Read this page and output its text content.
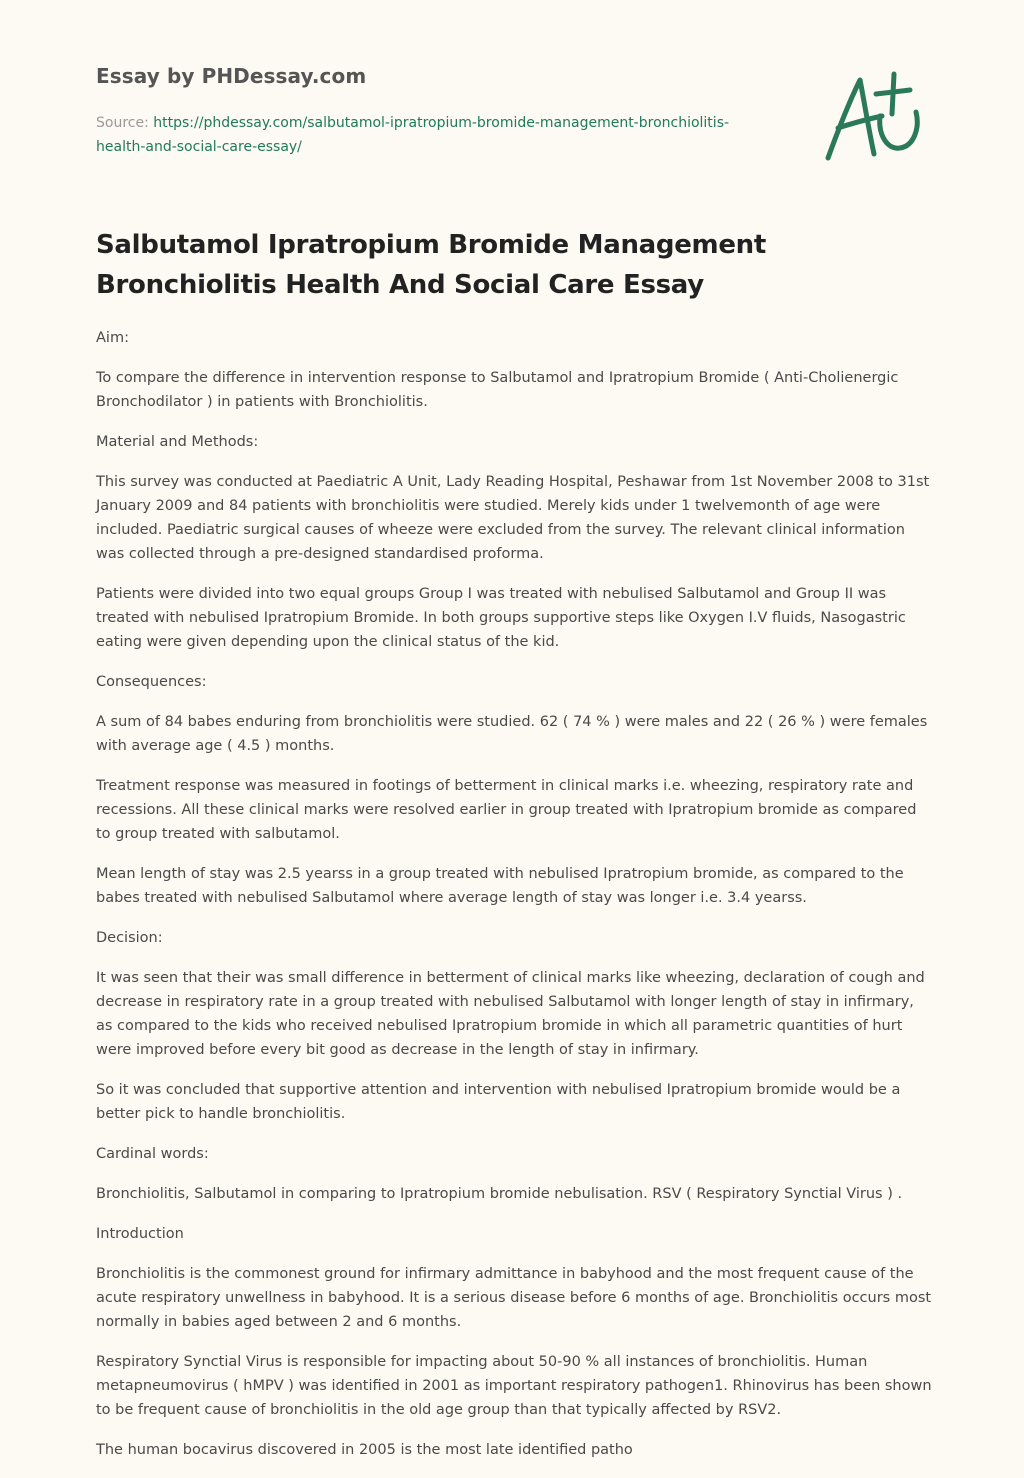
Essay by PHDessay.com

Source: https://phdessay.com/salbutamol-ipratropium-bromide-management-bronchiolitis-health-and-social-care-essay/

Salbutamol Ipratropium Bromide Management Bronchiolitis Health And Social Care Essay

Aim:

To compare the difference in intervention response to Salbutamol and Ipratropium Bromide ( Anti-Cholienergic Bronchodilator ) in patients with Bronchiolitis.

Material and Methods:

This survey was conducted at Paediatric A Unit, Lady Reading Hospital, Peshawar from 1st November 2008 to 31st January 2009 and 84 patients with bronchiolitis were studied. Merely kids under 1 twelvemonth of age were included. Paediatric surgical causes of wheeze were excluded from the survey. The relevant clinical information was collected through a pre-designed standardised proforma.

Patients were divided into two equal groups Group I was treated with nebulised Salbutamol and Group II was treated with nebulised Ipratropium Bromide. In both groups supportive steps like Oxygen I.V fluids, Nasogastric eating were given depending upon the clinical status of the kid.

Consequences:

A sum of 84 babes enduring from bronchiolitis were studied. 62 ( 74 % ) were males and 22 ( 26 % ) were females with average age ( 4.5 ) months.

Treatment response was measured in footings of betterment in clinical marks i.e. wheezing, respiratory rate and recessions. All these clinical marks were resolved earlier in group treated with Ipratropium bromide as compared to group treated with salbutamol.

Mean length of stay was 2.5 yearss in a group treated with nebulised Ipratropium bromide, as compared to the babes treated with nebulised Salbutamol where average length of stay was longer i.e. 3.4 yearss.

Decision:

It was seen that their was small difference in betterment of clinical marks like wheezing, declaration of cough and decrease in respiratory rate in a group treated with nebulised Salbutamol with longer length of stay in infirmary, as compared to the kids who received nebulised Ipratropium bromide in which all parametric quantities of hurt were improved before every bit good as decrease in the length of stay in infirmary.

So it was concluded that supportive attention and intervention with nebulised Ipratropium bromide would be a better pick to handle bronchiolitis.

Cardinal words:

Bronchiolitis, Salbutamol in comparing to Ipratropium bromide nebulisation. RSV ( Respiratory Synctial Virus ) .

Introduction

Bronchiolitis is the commonest ground for infirmary admittance in babyhood and the most frequent cause of the acute respiratory unwellness in babyhood. It is a serious disease before 6 months of age. Bronchiolitis occurs most normally in babies aged between 2 and 6 months.

Respiratory Synctial Virus is responsible for impacting about 50-90 % all instances of bronchiolitis. Human metapneumovirus ( hMPV ) was identified in 2001 as important respiratory pathogen1. Rhinovirus has been shown to be frequent cause of bronchiolitis in the old age group than that typically affected by RSV2.

The human bocavirus discovered in 2005 is the most late identified patho
